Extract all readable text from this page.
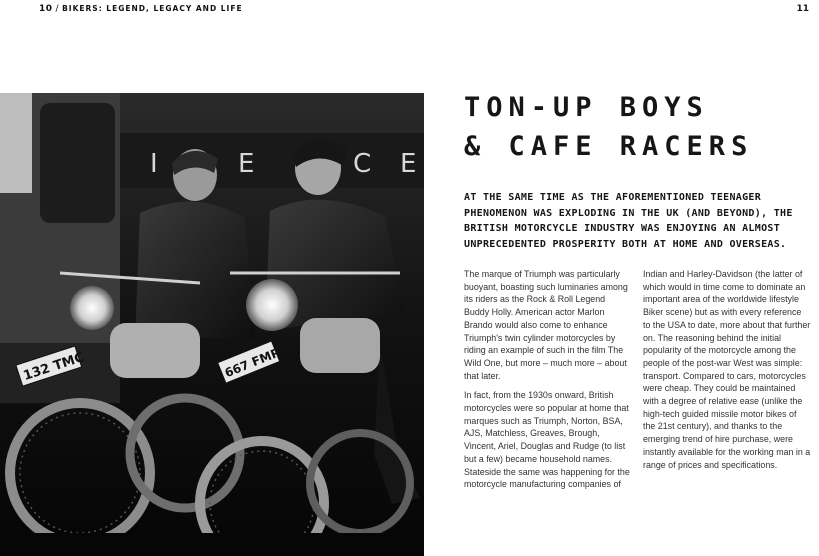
10 / BIKERS: LEGEND, LEGACY AND LIFE	11
I	E	C E
132 TMC	667 FMP
TON-UP BOYS
& CAFE RACERS

AT THE SAME TIME AS THE AFOREMENTIONED TEENAGER PHENOMENON WAS EXPLODING IN THE UK (AND BEYOND), THE BRITISH MOTORCYCLE INDUSTRY WAS ENJOYING AN ALMOST UNPRECEDENTED PROSPERITY BOTH AT HOME AND OVERSEAS.

The marque of Triumph was particularly buoyant, boasting such luminaries among its riders as the Rock & Roll Legend Buddy Holly. American actor Marlon Brando would also come to enhance Triumph's twin cylinder motorcycles by riding an example of such in the film The Wild One, but more – much more – about that later.

In fact, from the 1930s onward, British motorcycles were so popular at home that marques such as Triumph, Norton, BSA, AJS, Matchless, Greaves, Brough, Vincent, Ariel, Douglas and Rudge (to list but a few) became household names. Stateside the same was happening for the motorcycle manufacturing companies of

Indian and Harley-Davidson (the latter of which would in time come to dominate an important area of the worldwide lifestyle Biker scene) but as with every reference to the USA to date, more about that further on. The reasoning behind the initial popularity of the motorcycle among the people of the post-war West was simple: transport. Compared to cars, motorcycles were cheap. They could be maintained with a degree of relative ease (unlike the high-tech guided missile motor bikes of the 21st century), and thanks to the emerging trend of hire purchase, were instantly available for the working man in a range of prices and specifications.
